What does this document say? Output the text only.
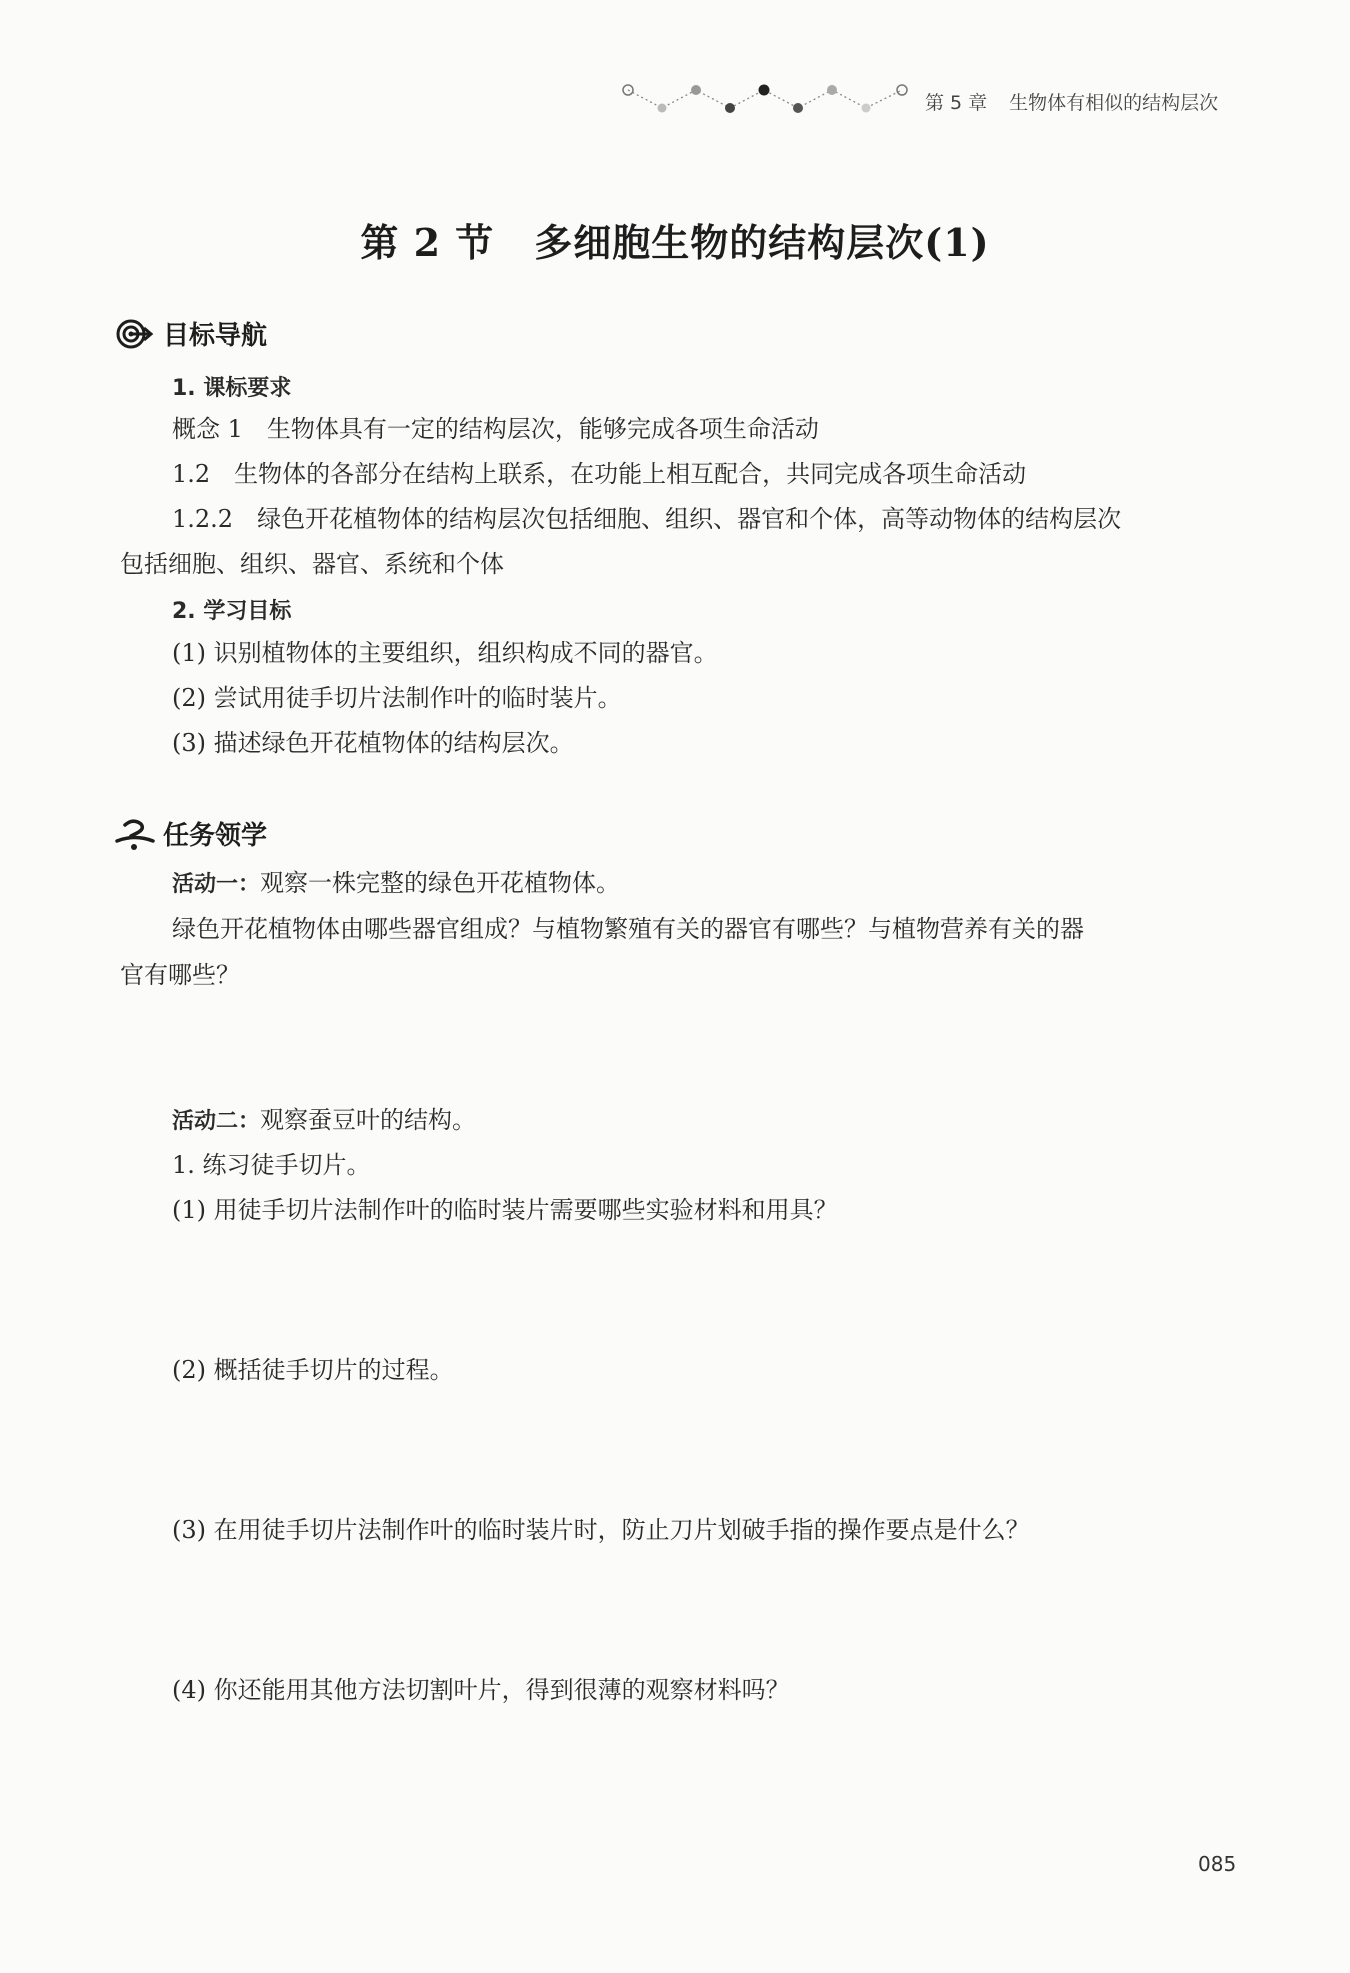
第 5 章 生物体有相似的结构层次
第 2 节 多细胞生物的结构层次(1)
目标导航
1. 课标要求
概念 1　生物体具有一定的结构层次，能够完成各项生命活动
1.2　生物体的各部分在结构上联系，在功能上相互配合，共同完成各项生命活动
1.2.2　绿色开花植物体的结构层次包括细胞、组织、器官和个体，高等动物体的结构层次
包括细胞、组织、器官、系统和个体
2. 学习目标
(1) 识别植物体的主要组织，组织构成不同的器官。
(2) 尝试用徒手切片法制作叶的临时装片。
(3) 描述绿色开花植物体的结构层次。
任务领学
活动一：观察一株完整的绿色开花植物体。
绿色开花植物体由哪些器官组成？与植物繁殖有关的器官有哪些？与植物营养有关的器
官有哪些？
活动二：观察蚕豆叶的结构。
1. 练习徒手切片。
(1) 用徒手切片法制作叶的临时装片需要哪些实验材料和用具？
(2) 概括徒手切片的过程。
(3) 在用徒手切片法制作叶的临时装片时，防止刀片划破手指的操作要点是什么？
(4) 你还能用其他方法切割叶片，得到很薄的观察材料吗？
085
